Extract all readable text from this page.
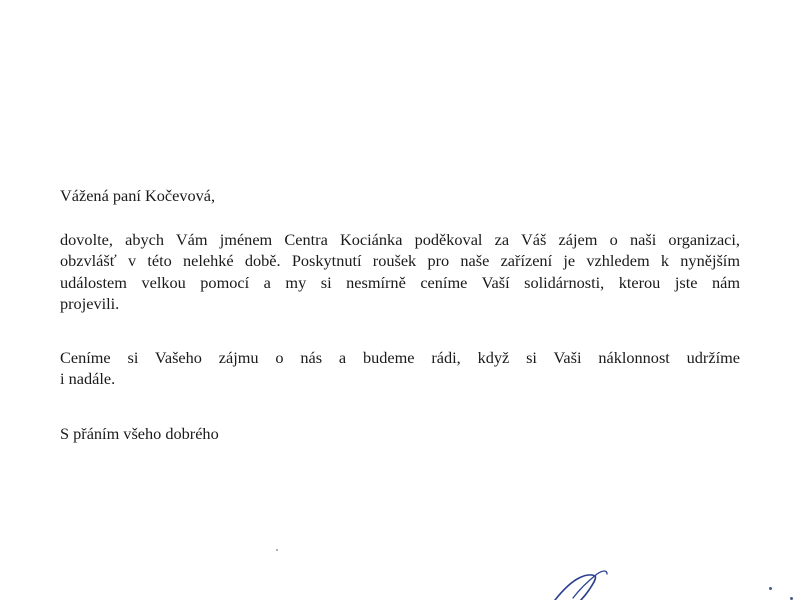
Vážená paní Kočevová,

dovolte, abych Vám jménem Centra Kociánka poděkoval za Váš zájem o naši organizaci,
obzvlášť v této nelehké době. Poskytnutí roušek pro naše zařízení je vzhledem k nynějším
událostem velkou pomocí a my si nesmírně ceníme Vaší solidárnosti, kterou jste nám
projevili.

Ceníme si Vašeho zájmu o nás a budeme rádi, když si Vaši náklonnost udržíme
i nadále.

S přáním všeho dobrého
